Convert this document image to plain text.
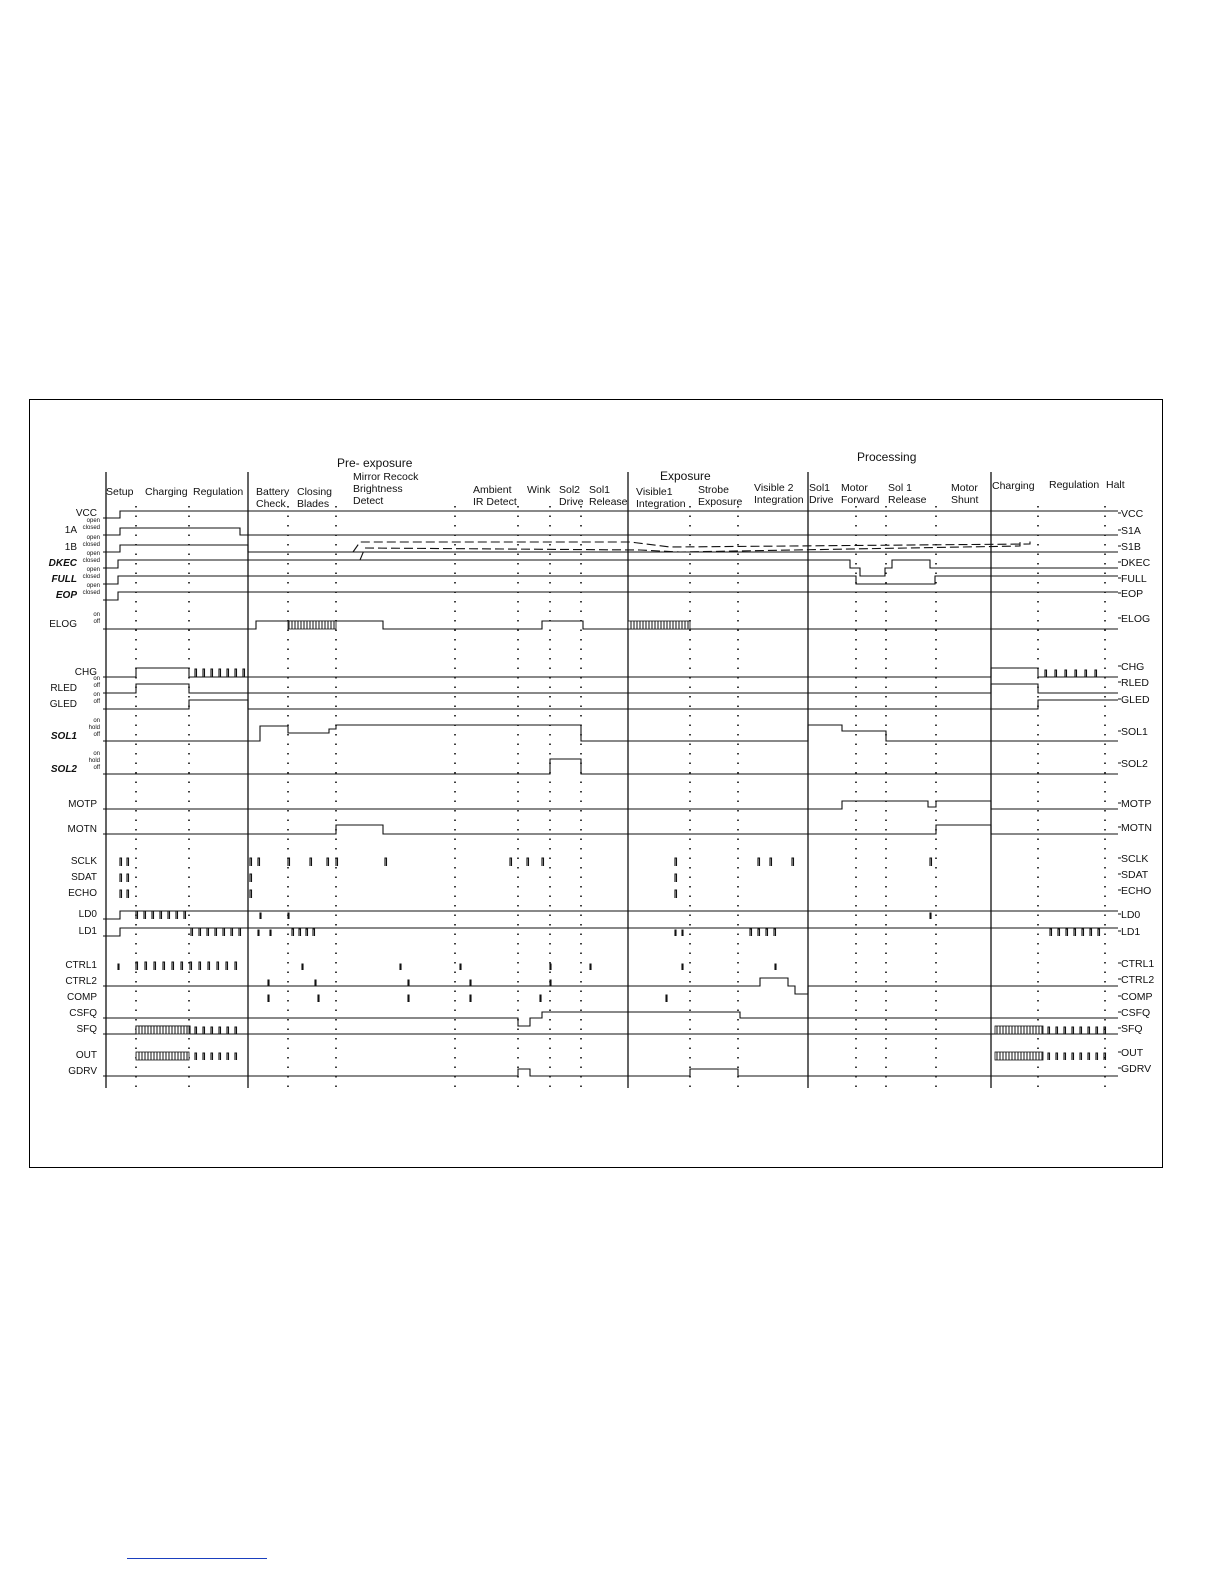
Pre- exposure
Exposure
Processing
Setup Charging Regulation Battery Check
Closing Blades
Mirror Recock Brightness Detect
Ambient IR Detect
Wink Sol2 Drive
Sol1 Release
Visible1 Integration
Strobe Exposure
Visible 2 Integration
Sol1 Drive
Motor Forward
Sol 1 Release
Motor Shunt
Charging Regulation Halt
VCC	VCC
1A
open
closed	S1A
1B
open
closed	S1B
DKEC
open
closed	DKEC
FULL
open
closed	FULL
EOP
open
closed	EOP
ELOG
on
off	ELOG
CHG	CHG
RLED
on
off	RLED
GLED
on
off	GLED
SOL1
on
hold
off	SOL1
SOL2
on
hold
off	SOL2
MOTP	MOTP
MOTN	MOTN
SCLK	SCLK
SDAT	SDAT
ECHO	ECHO
LD0	LD0
LD1	LD1
CTRL1	CTRL1
CTRL2	CTRL2
COMP	COMP
CSFQ	CSFQ
SFQ	SFQ
OUT	OUT
GDRV	GDRV
